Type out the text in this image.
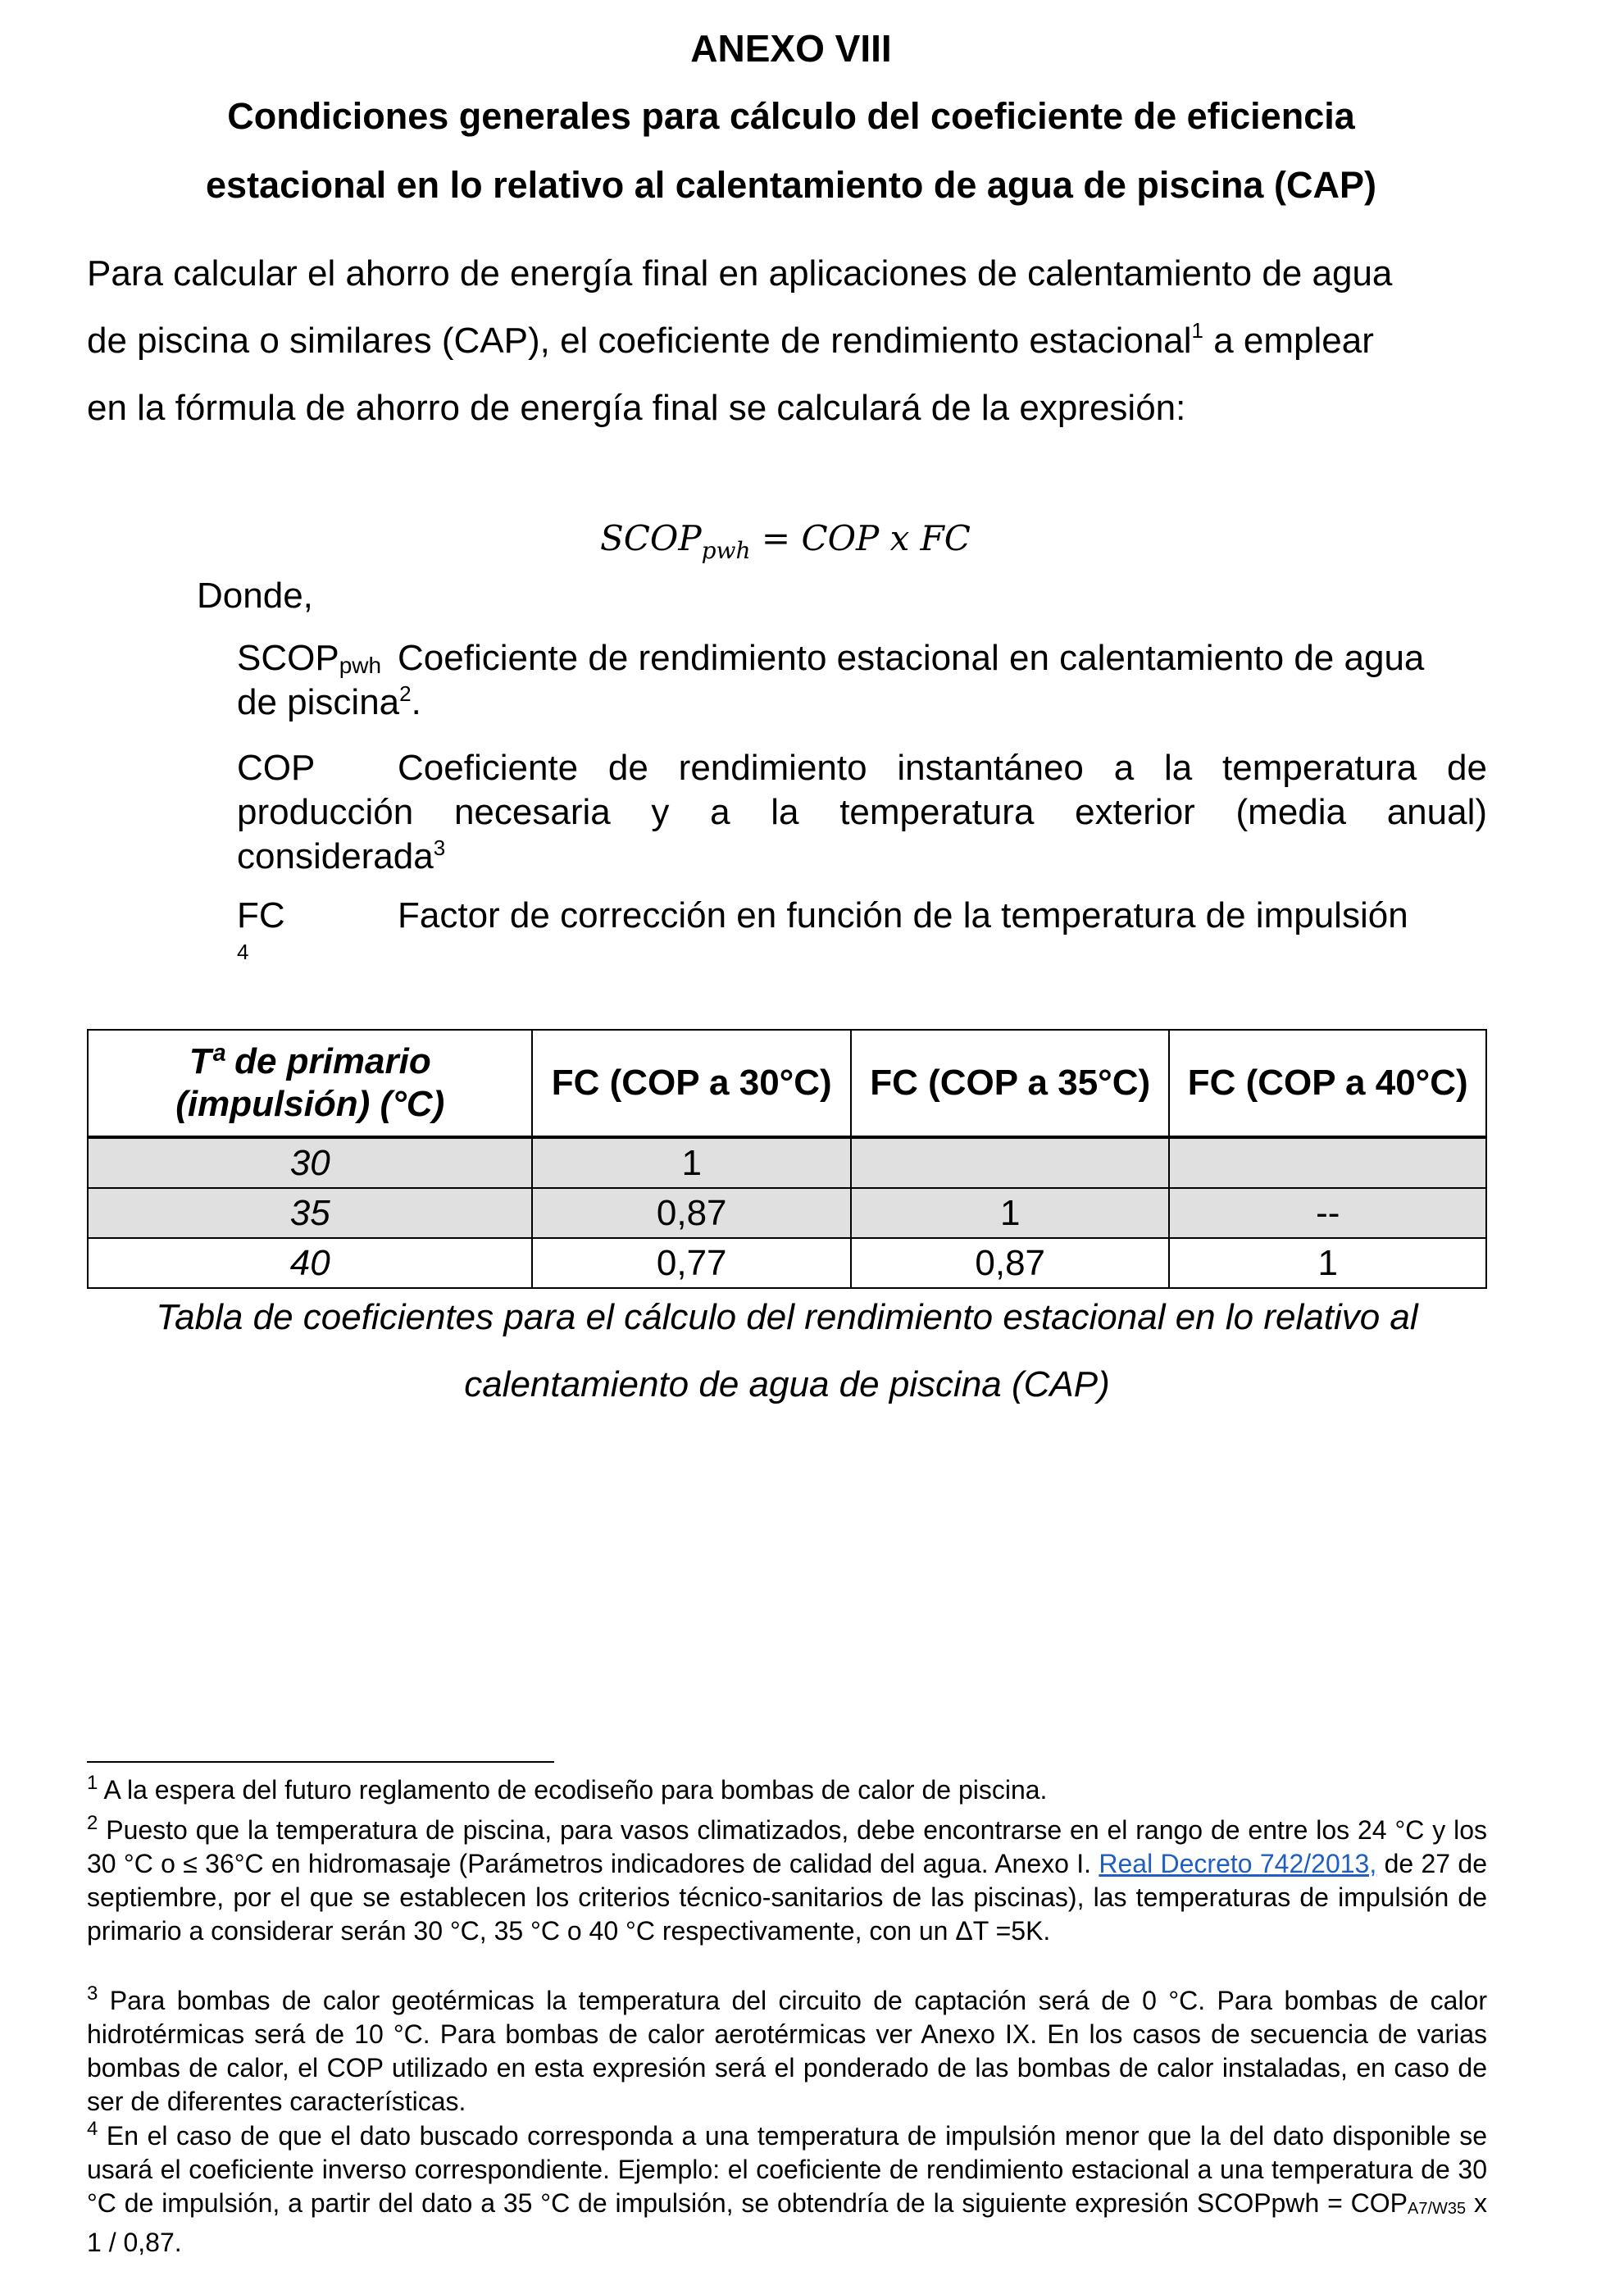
ANEXO VIII
Condiciones generales para cálculo del coeficiente de eficiencia
estacional en lo relativo al calentamiento de agua de piscina (CAP)
Para calcular el ahorro de energía final en aplicaciones de calentamiento de agua
de piscina o similares (CAP), el coeficiente de rendimiento estacional$^1$ a emplear
en la fórmula de ahorro de energía final se calculará de la expresión:
$SCOP_{pwh}$ = COP x FC
Donde,
$SCOP_{pwh}$ Coeficiente de rendimiento estacional en calentamiento de agua
de piscina$^2$.
COP Coeficiente de rendimiento instantáneo a la temperatura de
producción necesaria y a la temperatura exterior (media anual)
considerada$^3$
FC
4
Factor de corrección en función de la temperatura de impulsión
Tª de primario (impulsión) (°C)	FC (COP a 30°C)	FC (COP a 35°C)	FC (COP a 40°C)
30	1		
35	0,87	1	--
40	0,77	0,87	1
Tabla de coeficientes para el cálculo del rendimiento estacional en lo relativo al
calentamiento de agua de piscina (CAP)
$^1$ A la espera del futuro reglamento de ecodiseño para bombas de calor de piscina.
$^2$ Puesto que la temperatura de piscina, para vasos climatizados, debe encontrarse en el rango de entre los 24 °C y los 30 °C o ≤ 36°C en hidromasaje (Parámetros indicadores de calidad del agua. Anexo I. Real Decreto 742/2013, de 27 de septiembre, por el que se establecen los criterios técnico-sanitarios de las piscinas), las temperaturas de impulsión de primario a considerar serán 30 °C, 35 °C o 40 °C respectivamente, con un ΔT =5K.
$^3$ Para bombas de calor geotérmicas la temperatura del circuito de captación será de 0 °C. Para bombas de calor hidrotérmicas será de 10 °C. Para bombas de calor aerotérmicas ver Anexo IX. En los casos de secuencia de varias bombas de calor, el COP utilizado en esta expresión será el ponderado de las bombas de calor instaladas, en caso de ser de diferentes características.
$^4$ En el caso de que el dato buscado corresponda a una temperatura de impulsión menor que la del dato disponible se usará el coeficiente inverso correspondiente. Ejemplo: el coeficiente de rendimiento estacional a una temperatura de 30 °C de impulsión, a partir del dato a 35 °C de impulsión, se obtendría de la siguiente expresión SCOPpwh = $COP_{A7/W35}$ x 1 / 0,87.
